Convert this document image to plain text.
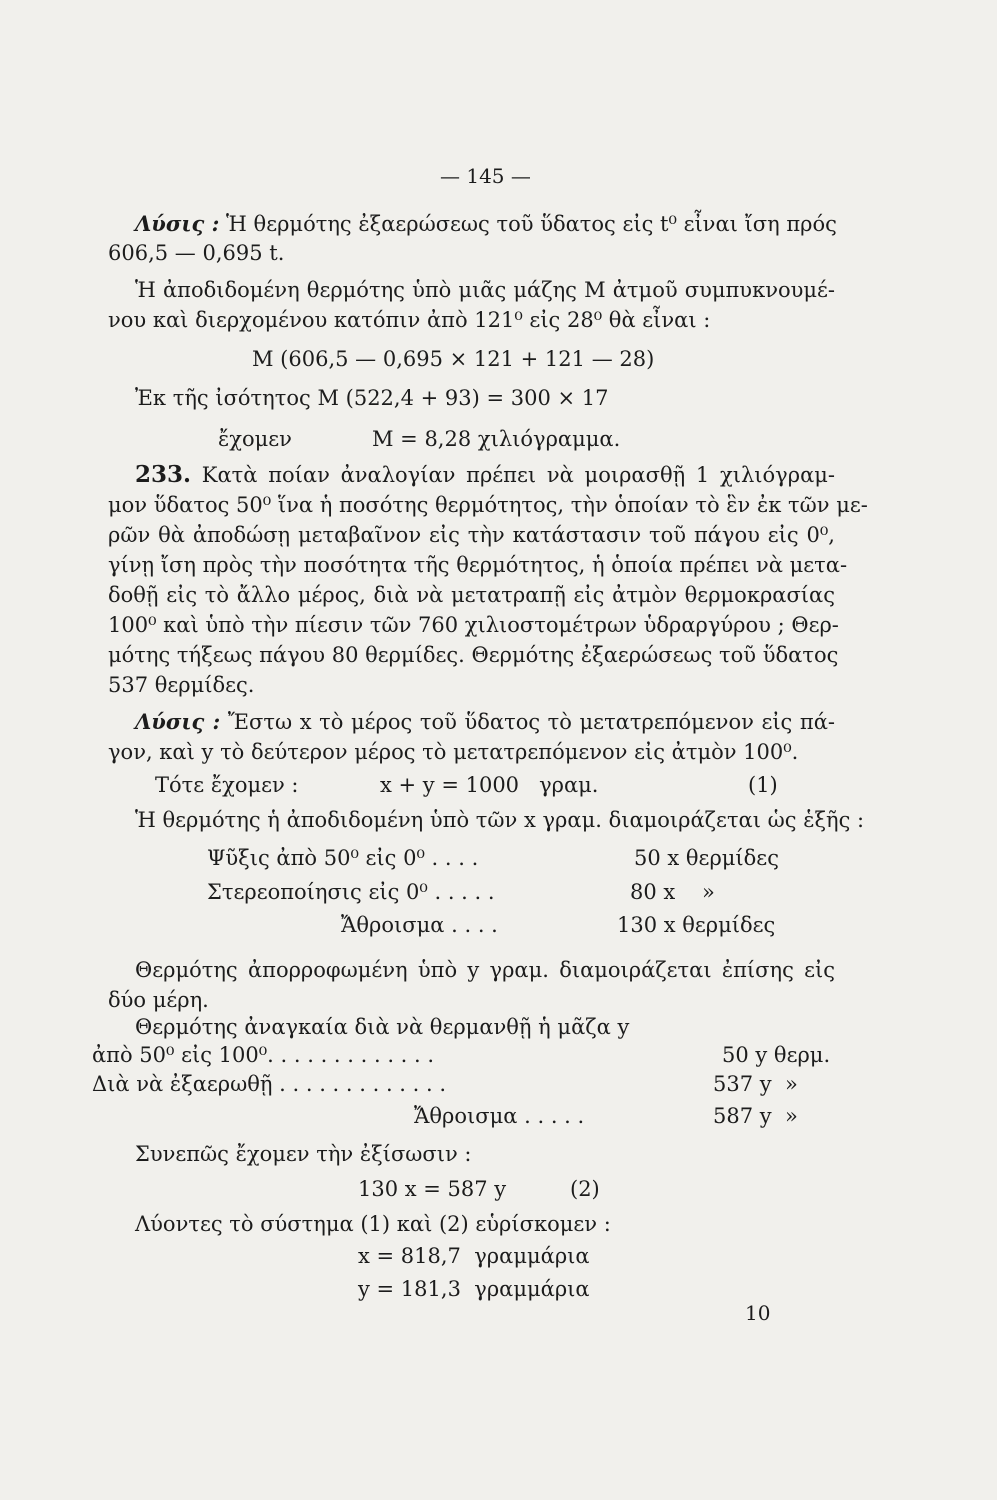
— 145 —
Λύσις : Ἡ θερμότης ἐξαερώσεως τοῦ ὕδατος εἰς t⁰ εἶναι ἴση πρός
606,5 — 0,695 t.
Ἡ ἀποδιδομένη θερμότης ὑπὸ μιᾶς μάζης Μ ἀτμοῦ συμπυκνουμέ-
νου καὶ διερχομένου κατόπιν ἀπὸ 121⁰ εἰς 28⁰ θὰ εἶναι :
Μ (606,5 — 0,695 × 121 + 121 — 28)
Ἐκ τῆς ἰσότητος Μ (522,4 + 93) = 300 × 17
ἔχομεν	Μ = 8,28 χιλιόγραμμα.
233. Κατὰ ποίαν ἀναλογίαν πρέπει νὰ μοιρασθῇ 1 χιλιόγραμ-
μον ὕδατος 50⁰ ἵνα ἡ ποσότης θερμότητος, τὴν ὁποίαν τὸ ἓν ἐκ τῶν με-
ρῶν θὰ ἀποδώσῃ μεταβαῖνον εἰς τὴν κατάστασιν τοῦ πάγου εἰς 0⁰,
γίνῃ ἴση πρὸς τὴν ποσότητα τῆς θερμότητος, ἡ ὁποία πρέπει νὰ μετα-
δοθῇ εἰς τὸ ἄλλο μέρος, διὰ νὰ μετατραπῇ εἰς ἀτμὸν θερμοκρασίας
100⁰ καὶ ὑπὸ τὴν πίεσιν τῶν 760 χιλιοστομέτρων ὑδραργύρου ; Θερ-
μότης τήξεως πάγου 80 θερμίδες. Θερμότης ἐξαερώσεως τοῦ ὕδατος
537 θερμίδες.
Λύσις : Ἔστω x τὸ μέρος τοῦ ὕδατος τὸ μετατρεπόμενον εἰς πά-
γον, καὶ y τὸ δεύτερον μέρος τὸ μετατρεπόμενον εἰς ἀτμὸν 100⁰.
Τότε ἔχομεν :	x + y = 1000   γραμ.	(1)
Ἡ θερμότης ἡ ἀποδιδομένη ὑπὸ τῶν x γραμ. διαμοιράζεται ὡς ἑξῆς :
Ψῦξις ἀπὸ 50⁰ εἰς 0⁰ . . . .	50 x θερμίδες
Στερεοποίησις εἰς 0⁰ . . . . .	80 x    »
Ἄθροισμα . . . .	130 x θερμίδες
Θερμότης ἀπορροφωμένη ὑπὸ y γραμ. διαμοιράζεται ἐπίσης εἰς
δύο μέρη.
Θερμότης ἀναγκαία διὰ νὰ θερμανθῇ ἡ μᾶζα y
ἀπὸ 50⁰ εἰς 100⁰. . . . . . . . . . . . .	50 y θερμ.
Διὰ νὰ ἐξαερωθῇ . . . . . . . . . . . . .	537 y  »
Ἄθροισμα . . . . .	587 y  »
Συνεπῶς ἔχομεν τὴν ἐξίσωσιν :
130 x = 587 y	(2)
Λύοντες τὸ σύστημα (1) καὶ (2) εὑρίσκομεν :
x = 818,7  γραμμάρια
y = 181,3  γραμμάρια
10
